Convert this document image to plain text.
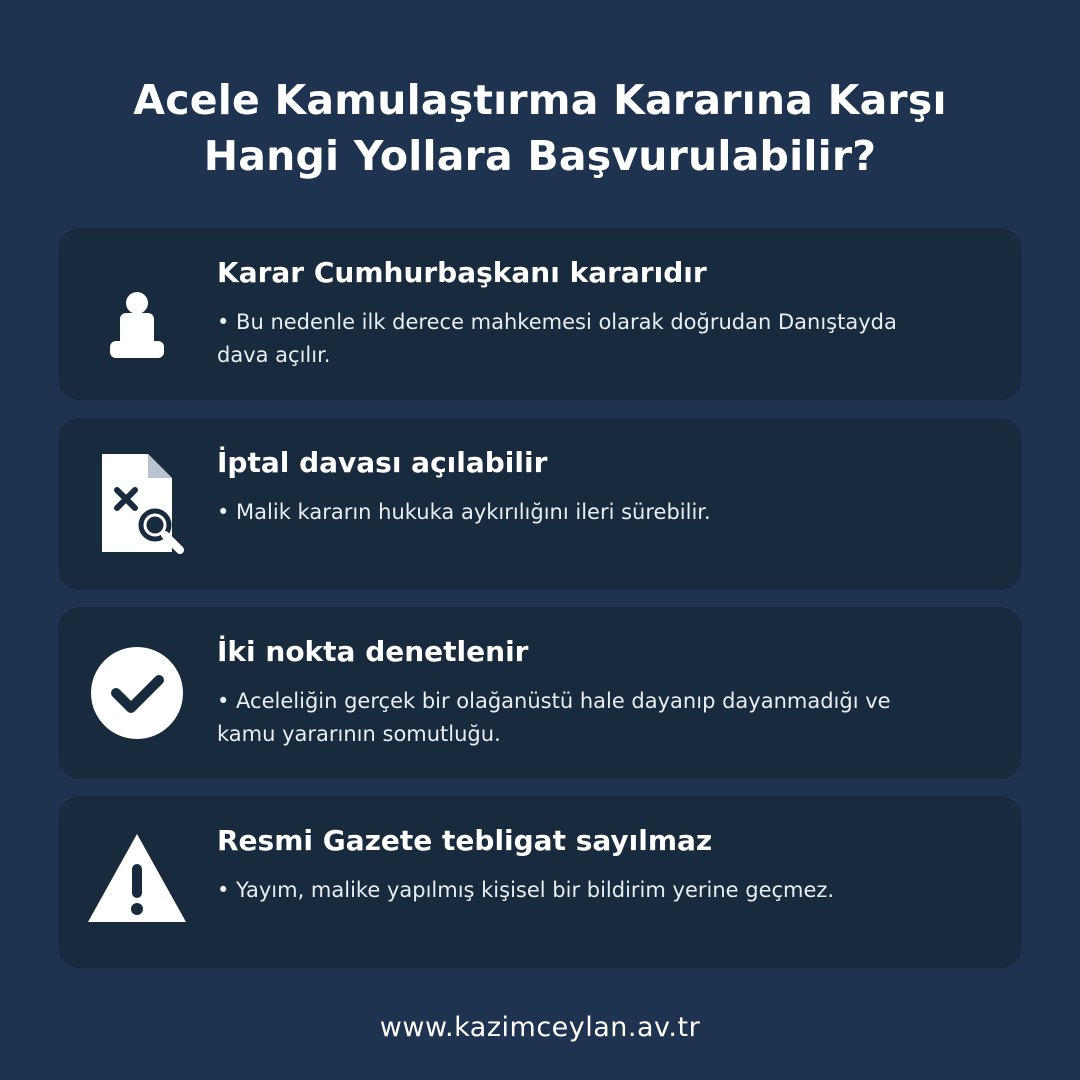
Acele Kamulaştırma Kararına Karşı
Hangi Yollara Başvurulabilir?
Karar Cumhurbaşkanı kararıdır
• Bu nedenle ilk derece mahkemesi olarak doğrudan Danıştayda dava açılır.
İptal davası açılabilir
• Malik kararın hukuka aykırılığını ileri sürebilir.
İki nokta denetlenir
• Aceleliğin gerçek bir olağanüstü hale dayanıp dayanmadığı ve kamu yararının somutluğu.
Resmi Gazete tebligat sayılmaz
• Yayım, malike yapılmış kişisel bir bildirim yerine geçmez.
www.kazimceylan.av.tr
